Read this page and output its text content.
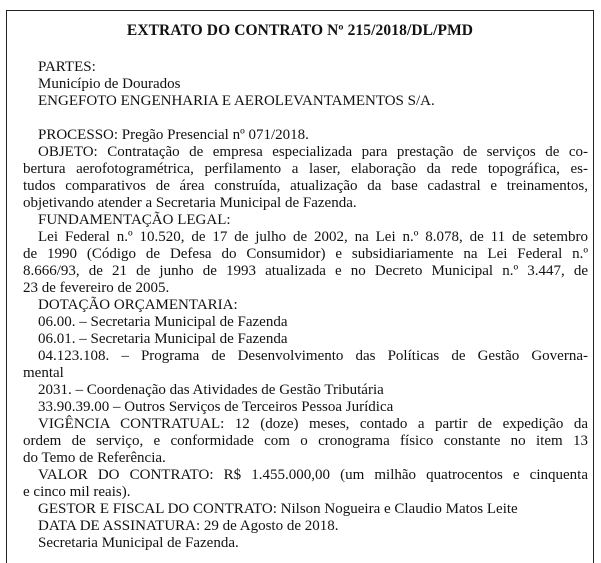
EXTRATO DO CONTRATO Nº 215/2018/DL/PMD
PARTES:
Município de Dourados
ENGEFOTO ENGENHARIA E AEROLEVANTAMENTOS S/A.
PROCESSO: Pregão Presencial nº 071/2018.
OBJETO: Contratação de empresa especializada para prestação de serviços de co-
bertura aerofotogramétrica, perfilamento a laser, elaboração da rede topográfica, es-
tudos comparativos de área construída, atualização da base cadastral e treinamentos,
objetivando atender a Secretaria Municipal de Fazenda.
FUNDAMENTAÇÃO LEGAL:
Lei Federal n.º 10.520, de 17 de julho de 2002, na Lei n.º 8.078, de 11 de setembro
de 1990 (Código de Defesa do Consumidor) e subsidiariamente na Lei Federal n.º
8.666/93, de 21 de junho de 1993 atualizada e no Decreto Municipal n.º 3.447, de
23 de fevereiro de 2005.
DOTAÇÃO ORÇAMENTARIA:
06.00. – Secretaria Municipal de Fazenda
06.01. – Secretaria Municipal de Fazenda
04.123.108. – Programa de Desenvolvimento das Políticas de Gestão Governa-
mental
2031. – Coordenação das Atividades de Gestão Tributária
33.90.39.00 – Outros Serviços de Terceiros Pessoa Jurídica
VIGÊNCIA CONTRATUAL: 12 (doze) meses, contado a partir de expedição da
ordem de serviço, e conformidade com o cronograma físico constante no item 13
do Temo de Referência.
VALOR DO CONTRATO: R$ 1.455.000,00 (um milhão quatrocentos e cinquenta
e cinco mil reais).
GESTOR E FISCAL DO CONTRATO: Nilson Nogueira e Claudio Matos Leite
DATA DE ASSINATURA: 29 de Agosto de 2018.
Secretaria Municipal de Fazenda.
